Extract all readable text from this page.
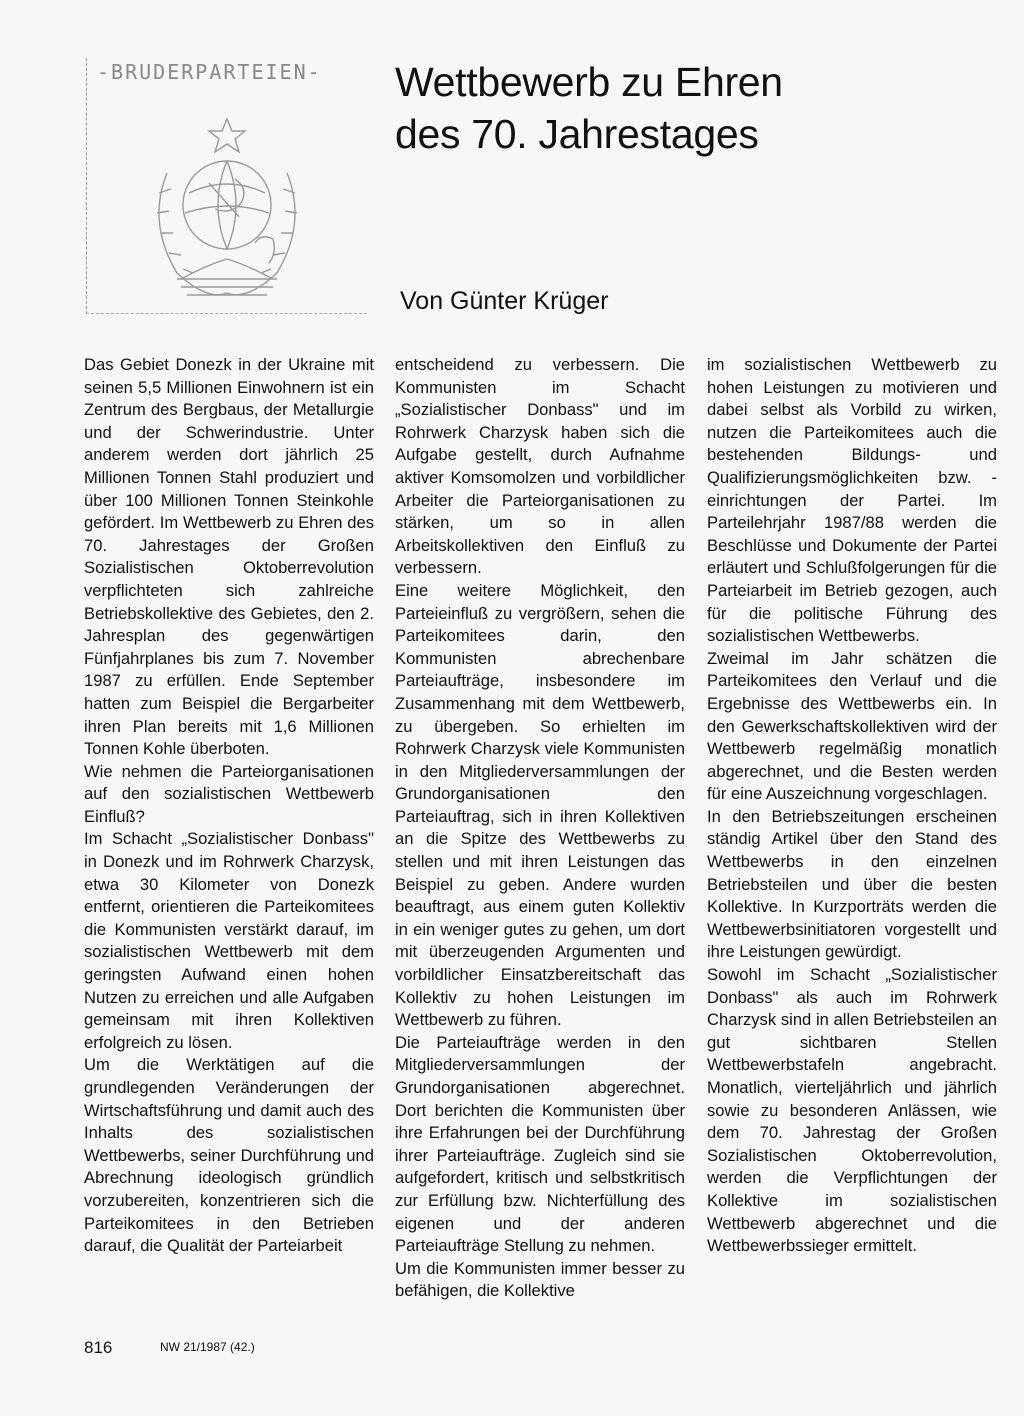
-BRUDERPARTEIEN-	Wettbewerb zu Ehren
des 70. Jahrestages

Von Günter Krüger

Das Gebiet Donezk in der Ukraine mit seinen 5,5 Millionen Einwohnern ist ein Zentrum des Bergbaus, der Metallurgie und der Schwerindustrie. Unter anderem werden dort jährlich 25 Millionen Tonnen Stahl produziert und über 100 Millionen Tonnen Steinkohle gefördert. Im Wettbewerb zu Ehren des 70. Jahrestages der Großen Sozialistischen Oktoberrevolution verpflichteten sich zahlreiche Betriebskollektive des Gebietes, den 2. Jahresplan des gegenwärtigen Fünfjahrplanes bis zum 7. November 1987 zu erfüllen. Ende September hatten zum Beispiel die Bergarbeiter ihren Plan bereits mit 1,6 Millionen Tonnen Kohle überboten.

Wie nehmen die Parteiorganisationen auf den sozialistischen Wettbewerb Einfluß?

Im Schacht „Sozialistischer Donbass" in Donezk und im Rohrwerk Charzysk, etwa 30 Kilometer von Donezk entfernt, orientieren die Parteikomitees die Kommunisten verstärkt darauf, im sozialistischen Wettbewerb mit dem geringsten Aufwand einen hohen Nutzen zu erreichen und alle Aufgaben gemeinsam mit ihren Kollektiven erfolgreich zu lösen.

Um die Werktätigen auf die grundlegenden Veränderungen der Wirtschaftsführung und damit auch des Inhalts des sozialistischen Wettbewerbs, seiner Durchführung und Abrechnung ideologisch gründlich vorzubereiten, konzentrieren sich die Parteikomitees in den Betrieben darauf, die Qualität der Parteiarbeit

entscheidend zu verbessern. Die Kommunisten im Schacht „Sozialistischer Donbass" und im Rohrwerk Charzysk haben sich die Aufgabe gestellt, durch Aufnahme aktiver Komsomolzen und vorbildlicher Arbeiter die Parteiorganisationen zu stärken, um so in allen Arbeitskollektiven den Einfluß zu verbessern.

Eine weitere Möglichkeit, den Parteieinfluß zu vergrößern, sehen die Parteikomitees darin, den Kommunisten abrechenbare Parteiaufträge, insbesondere im Zusammenhang mit dem Wettbewerb, zu übergeben. So erhielten im Rohrwerk Charzysk viele Kommunisten in den Mitgliederversammlungen der Grundorganisationen den Parteiauftrag, sich in ihren Kollektiven an die Spitze des Wettbewerbs zu stellen und mit ihren Leistungen das Beispiel zu geben. Andere wurden beauftragt, aus einem guten Kollektiv in ein weniger gutes zu gehen, um dort mit überzeugenden Argumenten und vorbildlicher Einsatzbereitschaft das Kollektiv zu hohen Leistungen im Wettbewerb zu führen.

Die Parteiaufträge werden in den Mitgliederversammlungen der Grundorganisationen abgerechnet. Dort berichten die Kommunisten über ihre Erfahrungen bei der Durchführung ihrer Parteiaufträge. Zugleich sind sie aufgefordert, kritisch und selbstkritisch zur Erfüllung bzw. Nichterfüllung des eigenen und der anderen Parteiaufträge Stellung zu nehmen.

Um die Kommunisten immer besser zu befähigen, die Kollektive

im sozialistischen Wettbewerb zu hohen Leistungen zu motivieren und dabei selbst als Vorbild zu wirken, nutzen die Parteikomitees auch die bestehenden Bildungs- und Qualifizierungsmöglichkeiten bzw. -einrichtungen der Partei. Im Parteilehrjahr 1987/88 werden die Beschlüsse und Dokumente der Partei erläutert und Schlußfolgerungen für die Parteiarbeit im Betrieb gezogen, auch für die politische Führung des sozialistischen Wettbewerbs.

Zweimal im Jahr schätzen die Parteikomitees den Verlauf und die Ergebnisse des Wettbewerbs ein. In den Gewerkschaftskollektiven wird der Wettbewerb regelmäßig monatlich abgerechnet, und die Besten werden für eine Auszeichnung vorgeschlagen.

In den Betriebszeitungen erscheinen ständig Artikel über den Stand des Wettbewerbs in den einzelnen Betriebsteilen und über die besten Kollektive. In Kurzporträts werden die Wettbewerbsinitiatoren vorgestellt und ihre Leistungen gewürdigt.

Sowohl im Schacht „Sozialistischer Donbass" als auch im Rohrwerk Charzysk sind in allen Betriebsteilen an gut sichtbaren Stellen Wettbewerbstafeln angebracht. Monatlich, vierteljährlich und jährlich sowie zu besonderen Anlässen, wie dem 70. Jahrestag der Großen Sozialistischen Oktoberrevolution, werden die Verpflichtungen der Kollektive im sozialistischen Wettbewerb abgerechnet und die Wettbewerbssieger ermittelt.

816	NW 21/1987 (42.)
